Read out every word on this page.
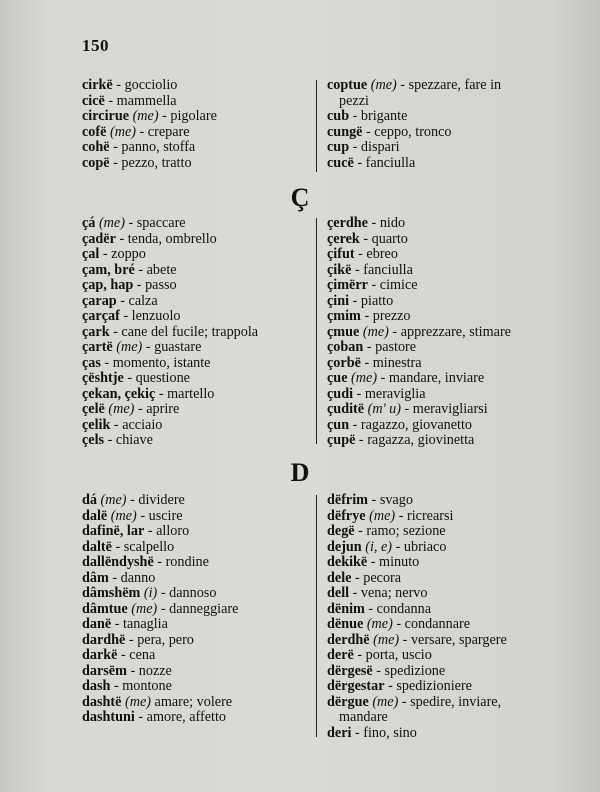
150
cirkë - gocciolio
cicë - mammella
circirue (me) - pigolare
cofë (me) - crepare
cohë - panno, stoffa
copë - pezzo, tratto
coptue (me) - spezzare, fare in
pezzi
cub - brigante
cungë - ceppo, tronco
cup - dispari
cucë - fanciulla
Ç
çá (me) - spaccare
çadër - tenda, ombrello
çal - zoppo
çam, bré - abete
çap, hap - passo
çarap - calza
çarçaf - lenzuolo
çark - cane del fucile; trappola
çartë (me) - guastare
ças - momento, istante
çështje - questione
çekan, çekiç - martello
çelë (me) - aprire
çelik - acciaio
çels - chiave
çerdhe - nido
çerek - quarto
çifut - ebreo
çikë - fanciulla
çimërr - cimice
çini - piatto
çmim - prezzo
çmue (me) - apprezzare, stimare
çoban - pastore
çorbë - minestra
çue (me) - mandare, inviare
çudi - meraviglia
çuditë (m' u) - meravigliarsi
çun - ragazzo, giovanetto
çupë - ragazza, giovinetta
D
dá (me) - dividere
dalë (me) - uscire
dafinë, lar - alloro
daltë - scalpello
dallëndyshë - rondine
dâm - danno
dâmshëm (i) - dannoso
dâmtue (me) - danneggiare
danë - tanaglia
dardhë - pera, pero
darkë - cena
darsëm - nozze
dash - montone
dashtë (me) amare; volere
dashtuni - amore, affetto
dëfrim - svago
dëfrye (me) - ricrearsi
degë - ramo; sezione
dejun (i, e) - ubriaco
dekikë - minuto
dele - pecora
dell - vena; nervo
dënim - condanna
dënue (me) - condannare
derdhë (me) - versare, spargere
derë - porta, uscio
dërgesë - spedizione
dërgestar - spedizioniere
dërgue (me) - spedire, inviare,
mandare
deri - fino, sino
